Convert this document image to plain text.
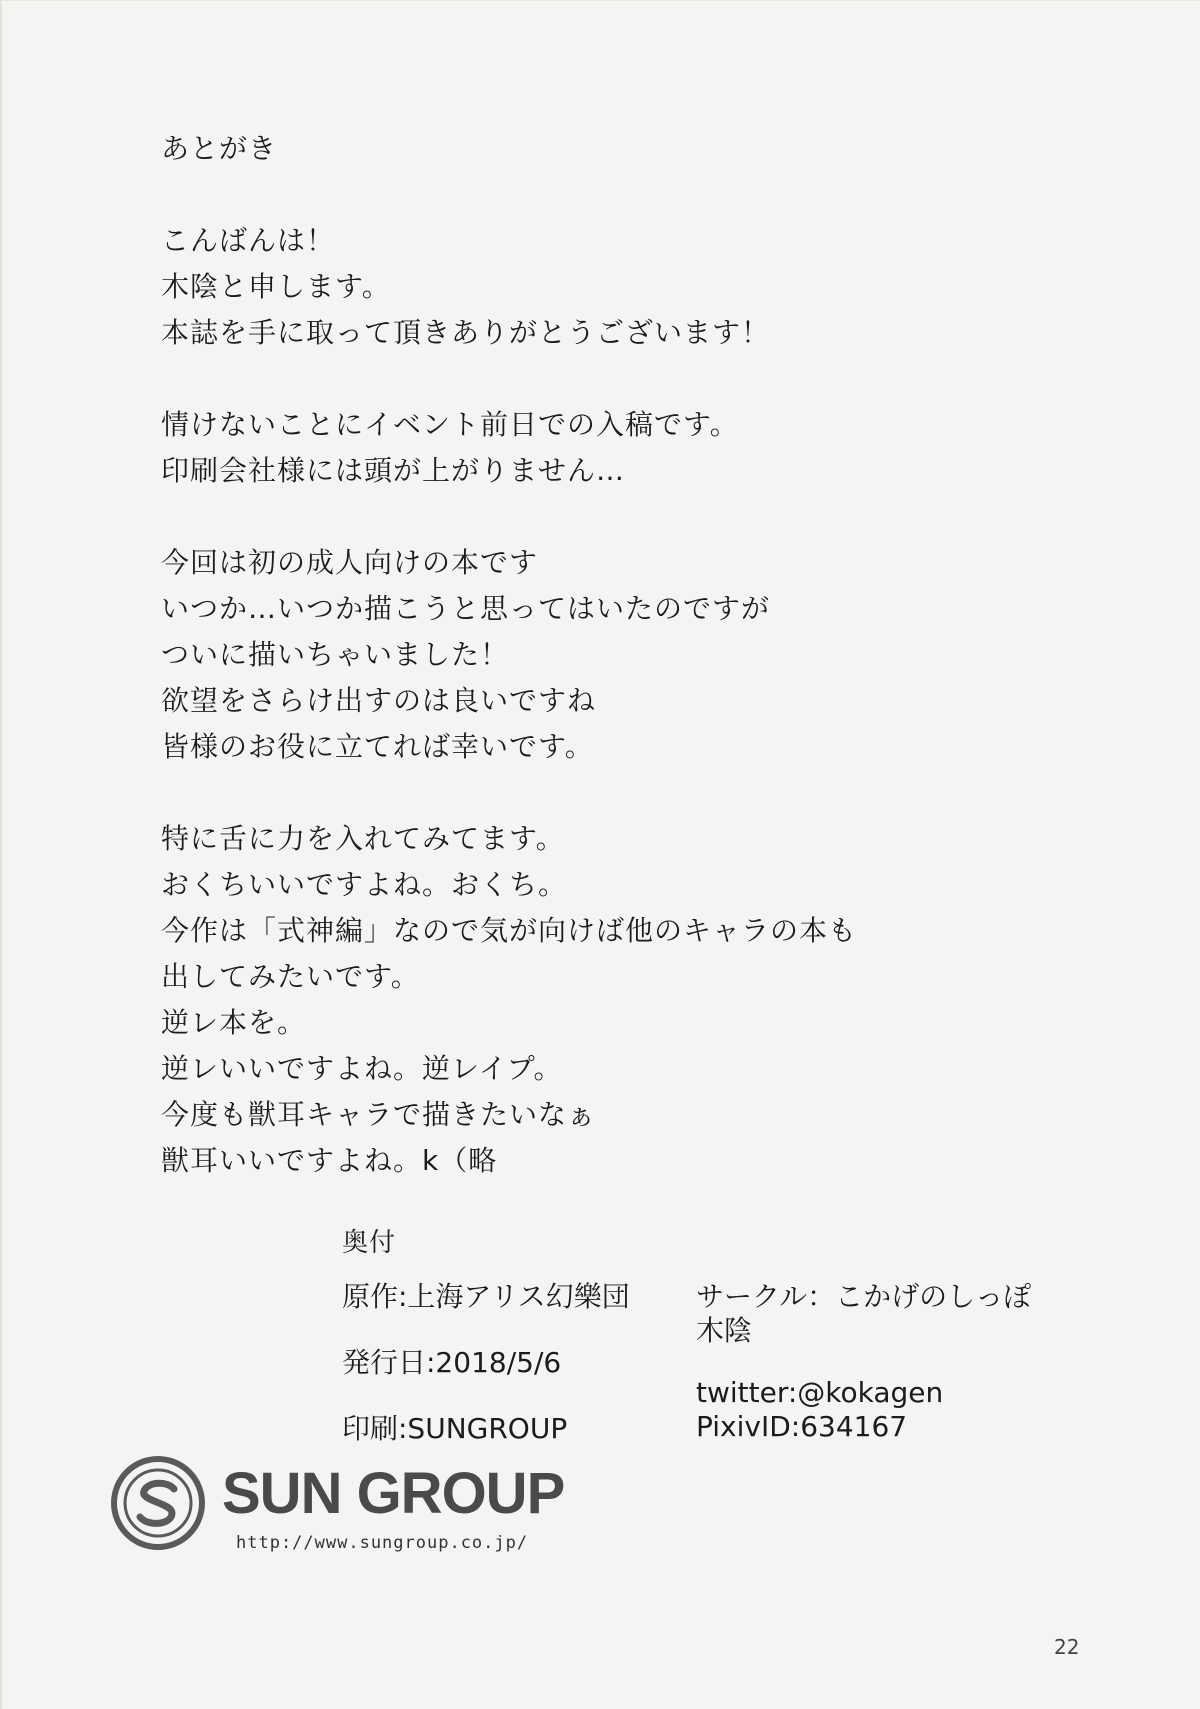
あとがき
こんばんは！
木陰と申します。
本誌を手に取って頂きありがとうございます！
情けないことにイベント前日での入稿です。
印刷会社様には頭が上がりません…
今回は初の成人向けの本です
いつか…いつか描こうと思ってはいたのですが
ついに描いちゃいました！
欲望をさらけ出すのは良いですね
皆様のお役に立てれば幸いです。
特に舌に力を入れてみてます。
おくちいいですよね。おくち。
今作は「式神編」なので気が向けば他のキャラの本も
出してみたいです。
逆レ本を。
逆レいいですよね。逆レイプ。
今度も獣耳キャラで描きたいなぁ
獣耳いいですよね。k（略
奥付
原作:上海アリス幻樂団
発行日:2018/5/6
印刷:SUNGROUP
サークル：こかげのしっぽ
木陰
twitter:@kokagen
PixivID:634167
SUN GROUP
http://www.sungroup.co.jp/
22
